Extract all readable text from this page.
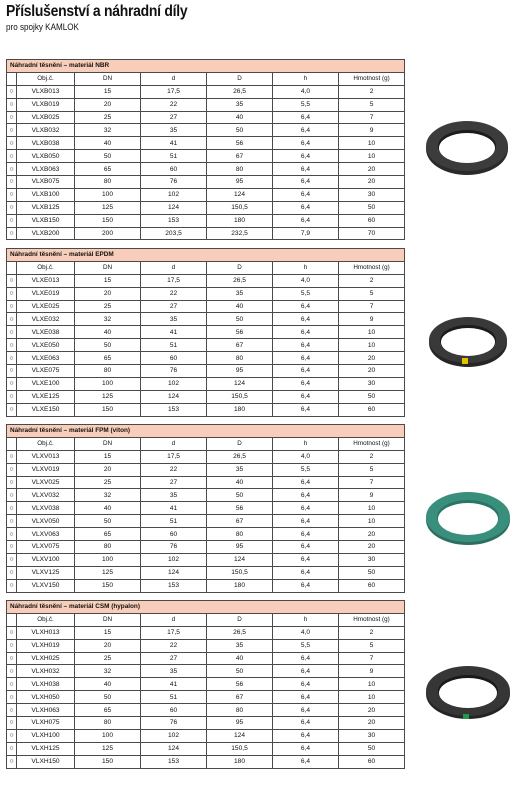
Příslušenství a náhradní díly
pro spojky KAMLOK
Náhradní těsnění – materiál NBR						
	Obj.č.	DN	d	D	h	Hmotnost (g)
○	VLXB013	15	17,5	26,5	4,0	2
○	VLXB019	20	22	35	5,5	5
○	VLXB025	25	27	40	6,4	7
○	VLXB032	32	35	50	6,4	9
○	VLXB038	40	41	56	6,4	10
○	VLXB050	50	51	67	6,4	10
○	VLXB063	65	60	80	6,4	20
○	VLXB075	80	76	95	6,4	20
○	VLXB100	100	102	124	6,4	30
○	VLXB125	125	124	150,5	6,4	50
○	VLXB150	150	153	180	6,4	60
○	VLXB200	200	203,5	232,5	7,9	70
Náhradní těsnění – materiál EPDM						
	Obj.č.	DN	d	D	h	Hmotnost (g)
○	VLXE013	15	17,5	26,5	4,0	2
○	VLXE019	20	22	35	5,5	5
○	VLXE025	25	27	40	6,4	7
○	VLXE032	32	35	50	6,4	9
○	VLXE038	40	41	56	6,4	10
○	VLXE050	50	51	67	6,4	10
○	VLXE063	65	60	80	6,4	20
○	VLXE075	80	76	95	6,4	20
○	VLXE100	100	102	124	6,4	30
○	VLXE125	125	124	150,5	6,4	50
○	VLXE150	150	153	180	6,4	60
Náhradní těsnění – materiál FPM (viton)						
	Obj.č.	DN	d	D	h	Hmotnost (g)
○	VLXV013	15	17,5	26,5	4,0	2
○	VLXV019	20	22	35	5,5	5
○	VLXV025	25	27	40	6,4	7
○	VLXV032	32	35	50	6,4	9
○	VLXV038	40	41	56	6,4	10
○	VLXV050	50	51	67	6,4	10
○	VLXV063	65	60	80	6,4	20
○	VLXV075	80	76	95	6,4	20
○	VLXV100	100	102	124	6,4	30
○	VLXV125	125	124	150,5	6,4	50
○	VLXV150	150	153	180	6,4	60
Náhradní těsnění – materiál CSM (hypalon)						
	Obj.č.	DN	d	D	h	Hmotnost (g)
○	VLXH013	15	17,5	26,5	4,0	2
○	VLXH019	20	22	35	5,5	5
○	VLXH025	25	27	40	6,4	7
○	VLXH032	32	35	50	6,4	9
○	VLXH038	40	41	56	6,4	10
○	VLXH050	50	51	67	6,4	10
○	VLXH063	65	60	80	6,4	20
○	VLXH075	80	76	95	6,4	20
○	VLXH100	100	102	124	6,4	30
○	VLXH125	125	124	150,5	6,4	50
○	VLXH150	150	153	180	6,4	60
